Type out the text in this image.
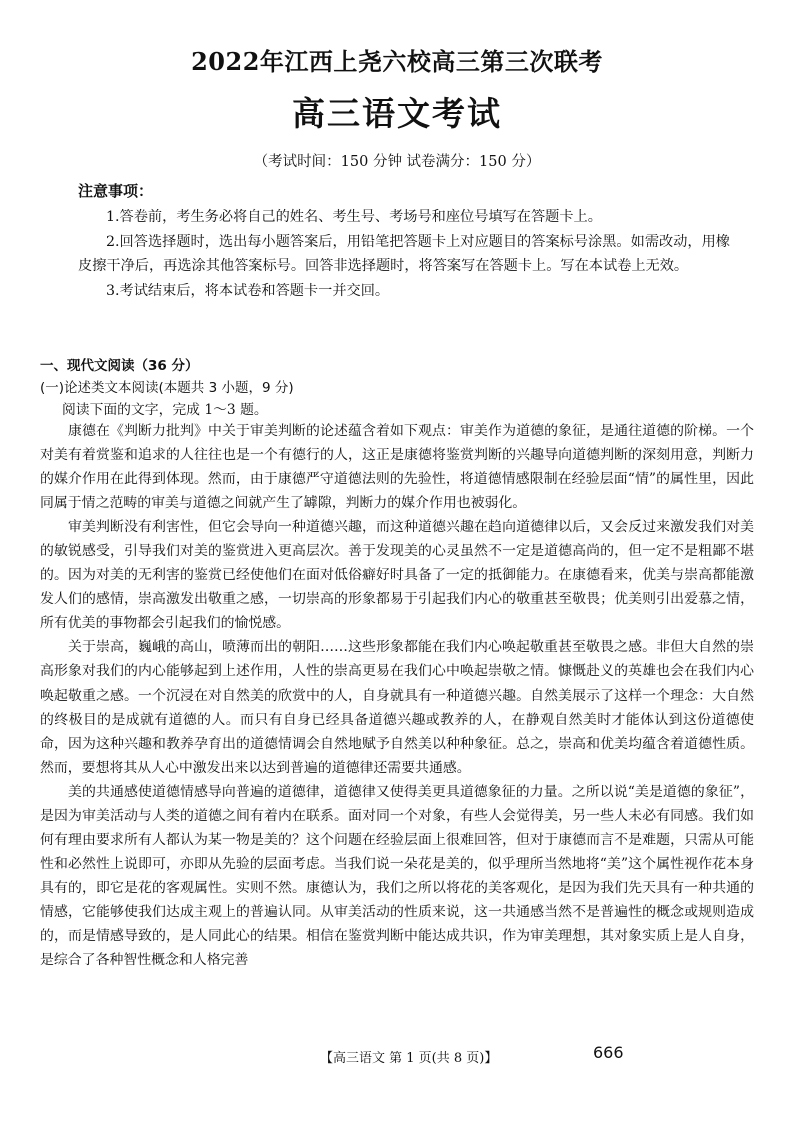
2022年江西上尧六校高三第三次联考
高三语文考试
（考试时间：150 分钟 试卷满分：150 分）
注意事项：

1.答卷前，考生务必将自己的姓名、考生号、考场号和座位号填写在答题卡上。

2.回答选择题时，选出每小题答案后，用铅笔把答题卡上对应题目的答案标号涂黑。如需改动，用橡皮擦干净后，再选涂其他答案标号。回答非选择题时，将答案写在答题卡上。写在本试卷上无效。

3.考试结束后，将本试卷和答题卡一并交回。

一、现代文阅读（36 分）
(一)论述类文本阅读(本题共 3 小题，9 分)
阅读下面的文字，完成 1～3 题。

康德在《判断力批判》中关于审美判断的论述蕴含着如下观点：审美作为道德的象征，是通往道德的阶梯。一个对美有着赏鉴和追求的人往往也是一个有德行的人，这正是康德将鉴赏判断的兴趣导向道德判断的深刻用意，判断力的媒介作用在此得到体现。然而，由于康德严守道德法则的先验性，将道德情感限制在经验层面“情”的属性里，因此同属于情之范畴的审美与道德之间就产生了罅隙，判断力的媒介作用也被弱化。

审美判断没有利害性，但它会导向一种道德兴趣，而这种道德兴趣在趋向道德律以后，又会反过来激发我们对美的敏锐感受，引导我们对美的鉴赏进入更高层次。善于发现美的心灵虽然不一定是道德高尚的，但一定不是粗鄙不堪的。因为对美的无利害的鉴赏已经使他们在面对低俗癖好时具备了一定的抵御能力。在康德看来，优美与崇高都能激发人们的感情，崇高激发出敬重之感，一切崇高的形象都易于引起我们内心的敬重甚至敬畏；优美则引出爱慕之情，所有优美的事物都会引起我们的愉悦感。

关于崇高，巍峨的高山，喷薄而出的朝阳……这些形象都能在我们内心唤起敬重甚至敬畏之感。非但大自然的崇高形象对我们的内心能够起到上述作用，人性的崇高更易在我们心中唤起崇敬之情。慷慨赴义的英雄也会在我们内心唤起敬重之感。一个沉浸在对自然美的欣赏中的人，自身就具有一种道德兴趣。自然美展示了这样一个理念：大自然的终极目的是成就有道德的人。而只有自身已经具备道德兴趣或教养的人，在静观自然美时才能体认到这份道德使命，因为这种兴趣和教养孕育出的道德情调会自然地赋予自然美以种种象征。总之，崇高和优美均蕴含着道德性质。然而，要想将其从人心中激发出来以达到普遍的道德律还需要共通感。

美的共通感使道德情感导向普遍的道德律，道德律又使得美更具道德象征的力量。之所以说“美是道德的象征”，是因为审美活动与人类的道德之间有着内在联系。面对同一个对象，有些人会觉得美，另一些人未必有同感。我们如何有理由要求所有人都认为某一物是美的？这个问题在经验层面上很难回答，但对于康德而言不是难题，只需从可能性和必然性上说即可，亦即从先验的层面考虑。当我们说一朵花是美的，似乎理所当然地将“美”这个属性视作花本身具有的，即它是花的客观属性。实则不然。康德认为，我们之所以将花的美客观化，是因为我们先天具有一种共通的情感，它能够使我们达成主观上的普遍认同。从审美活动的性质来说，这一共通感当然不是普遍性的概念或规则造成的，而是情感导致的，是人同此心的结果。相信在鉴赏判断中能达成共识，作为审美理想，其对象实质上是人自身，是综合了各种智性概念和人格完善

【高三语文 第 1 页(共 8 页)】	666
